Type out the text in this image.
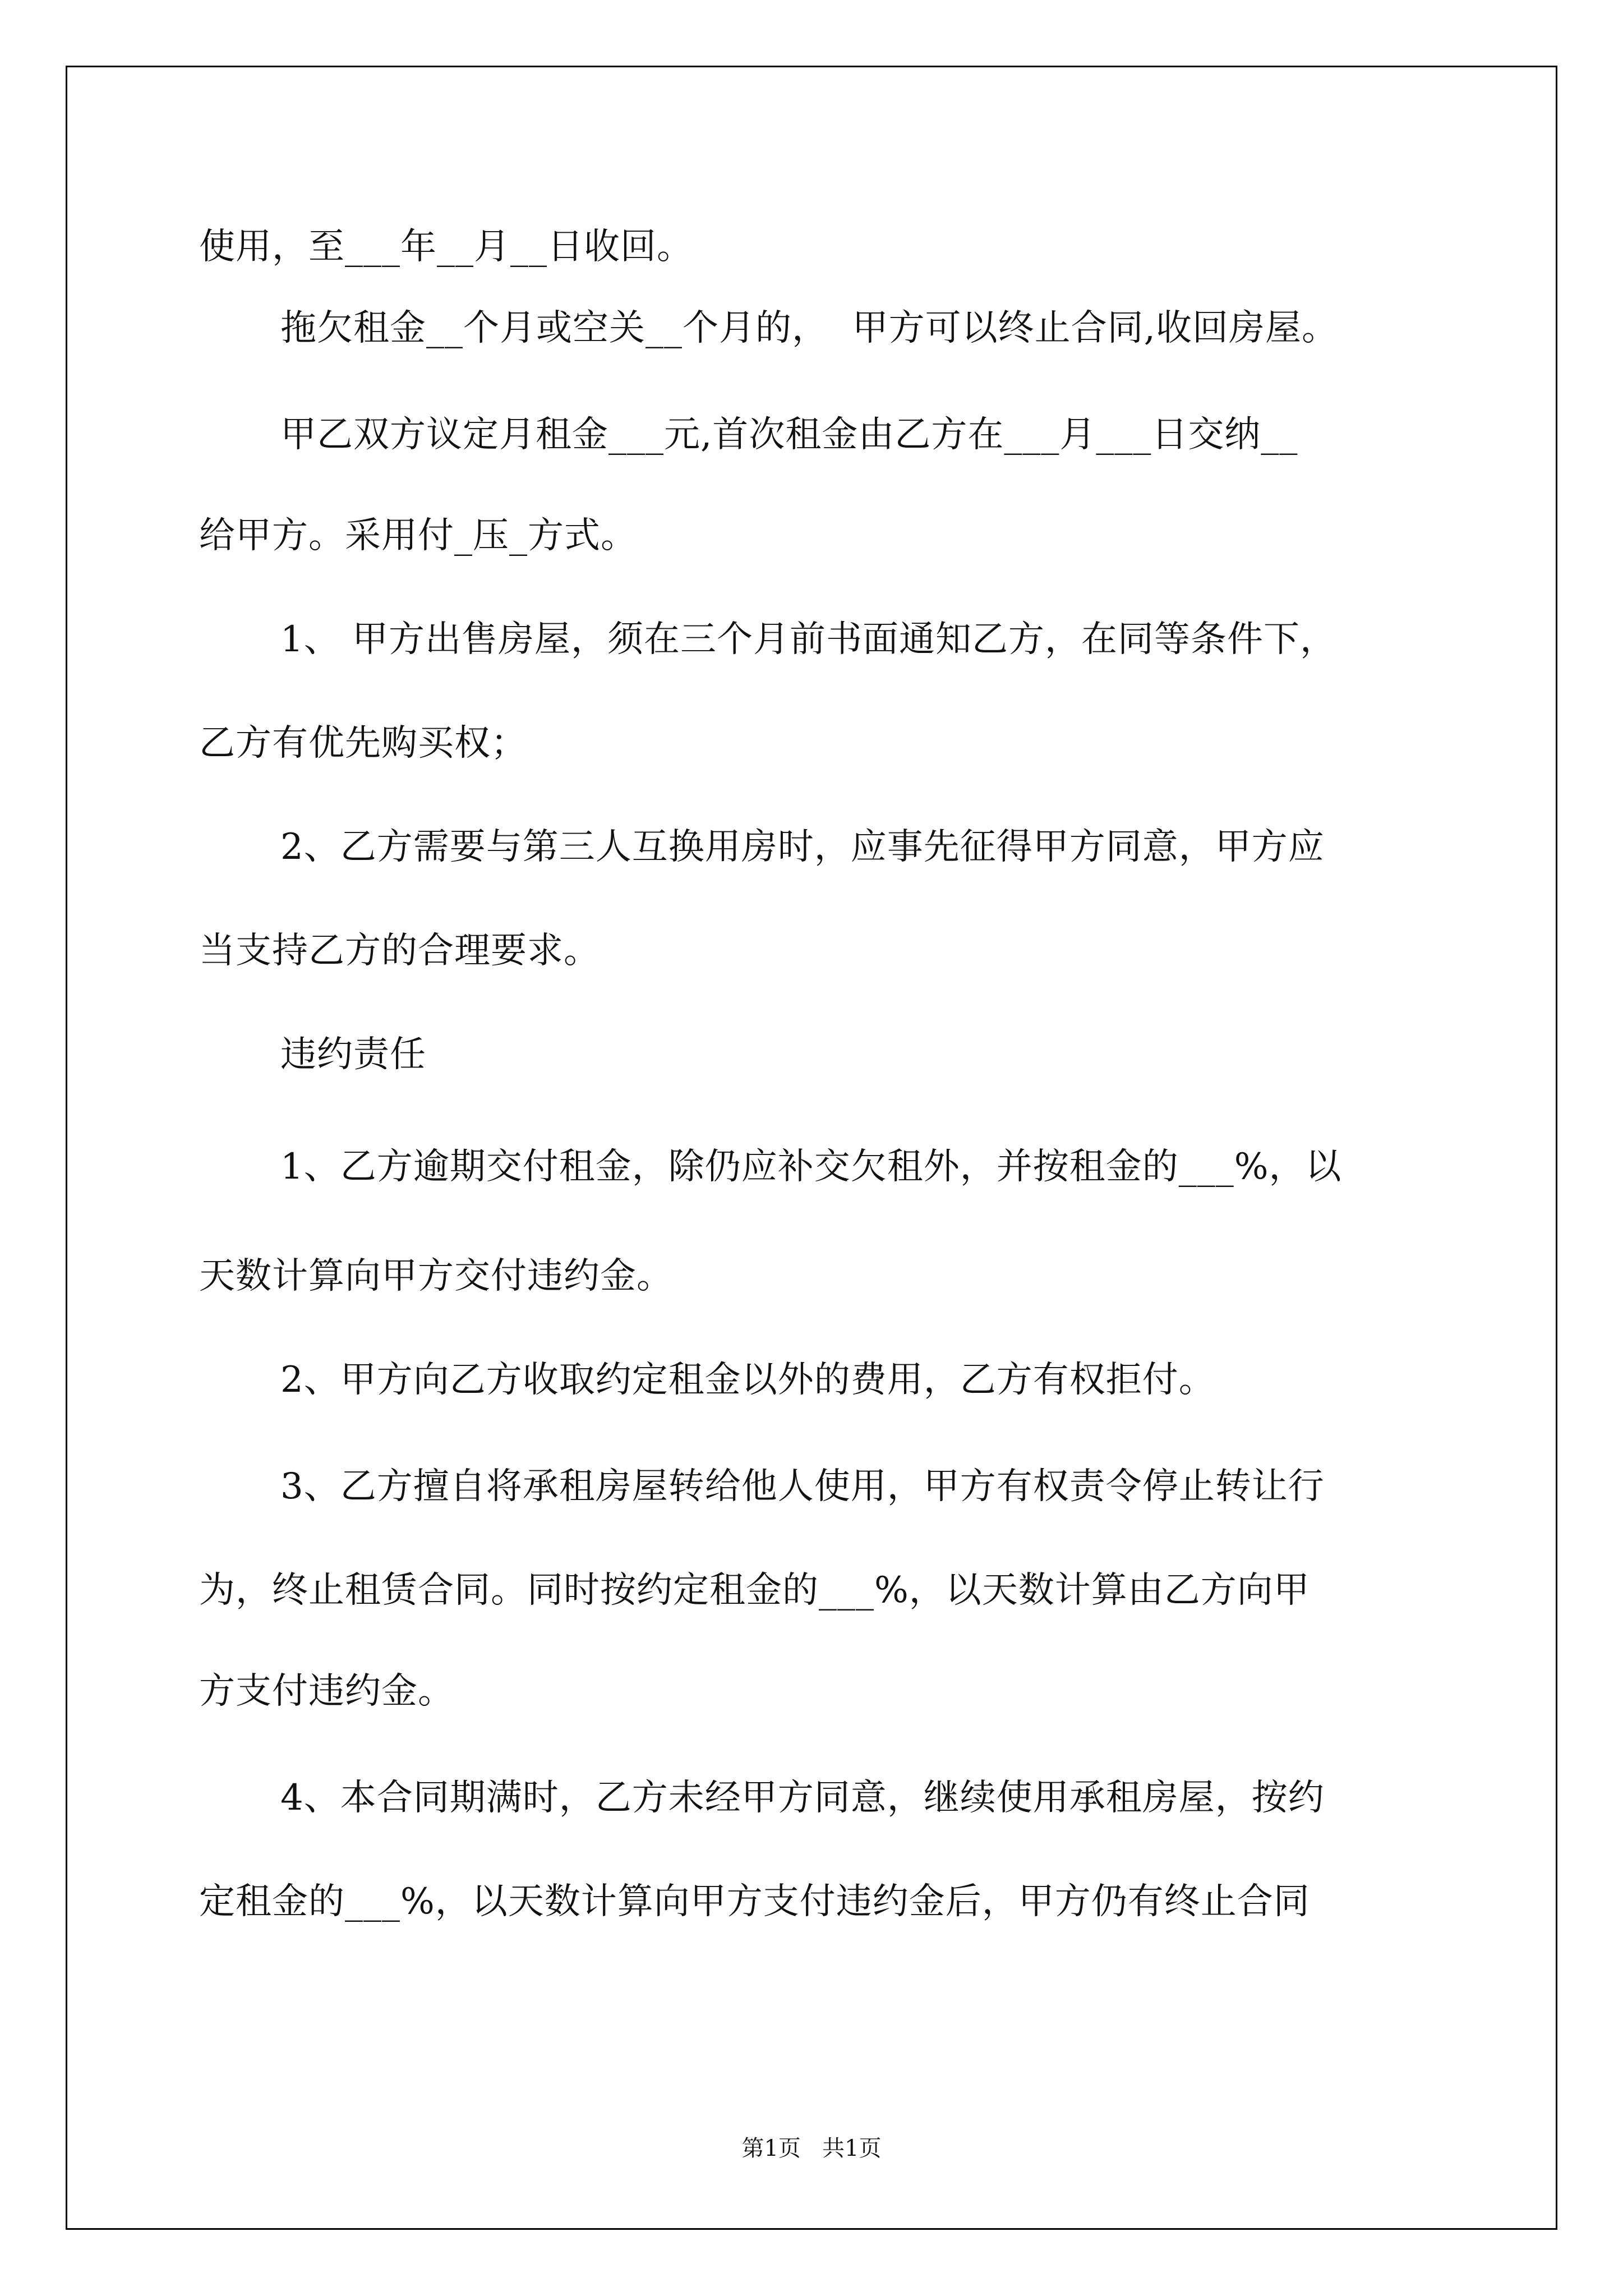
使用，至___年__月__日收回。
拖欠租金__个月或空关__个月的，  甲方可以终止合同,收回房屋。
甲乙双方议定月租金___元,首次租金由乙方在___月___日交纳__
给甲方。采用付_压_方式。
1、 甲方出售房屋，须在三个月前书面通知乙方，在同等条件下，
乙方有优先购买权；
2、乙方需要与第三人互换用房时，应事先征得甲方同意，甲方应
当支持乙方的合理要求。
违约责任
1、乙方逾期交付租金，除仍应补交欠租外，并按租金的___%，以
天数计算向甲方交付违约金。
2、甲方向乙方收取约定租金以外的费用，乙方有权拒付。
3、乙方擅自将承租房屋转给他人使用，甲方有权责令停止转让行
为，终止租赁合同。同时按约定租金的___%，以天数计算由乙方向甲
方支付违约金。
4、本合同期满时，乙方未经甲方同意，继续使用承租房屋，按约
定租金的___%，以天数计算向甲方支付违约金后，甲方仍有终止合同
第1页   共1页
